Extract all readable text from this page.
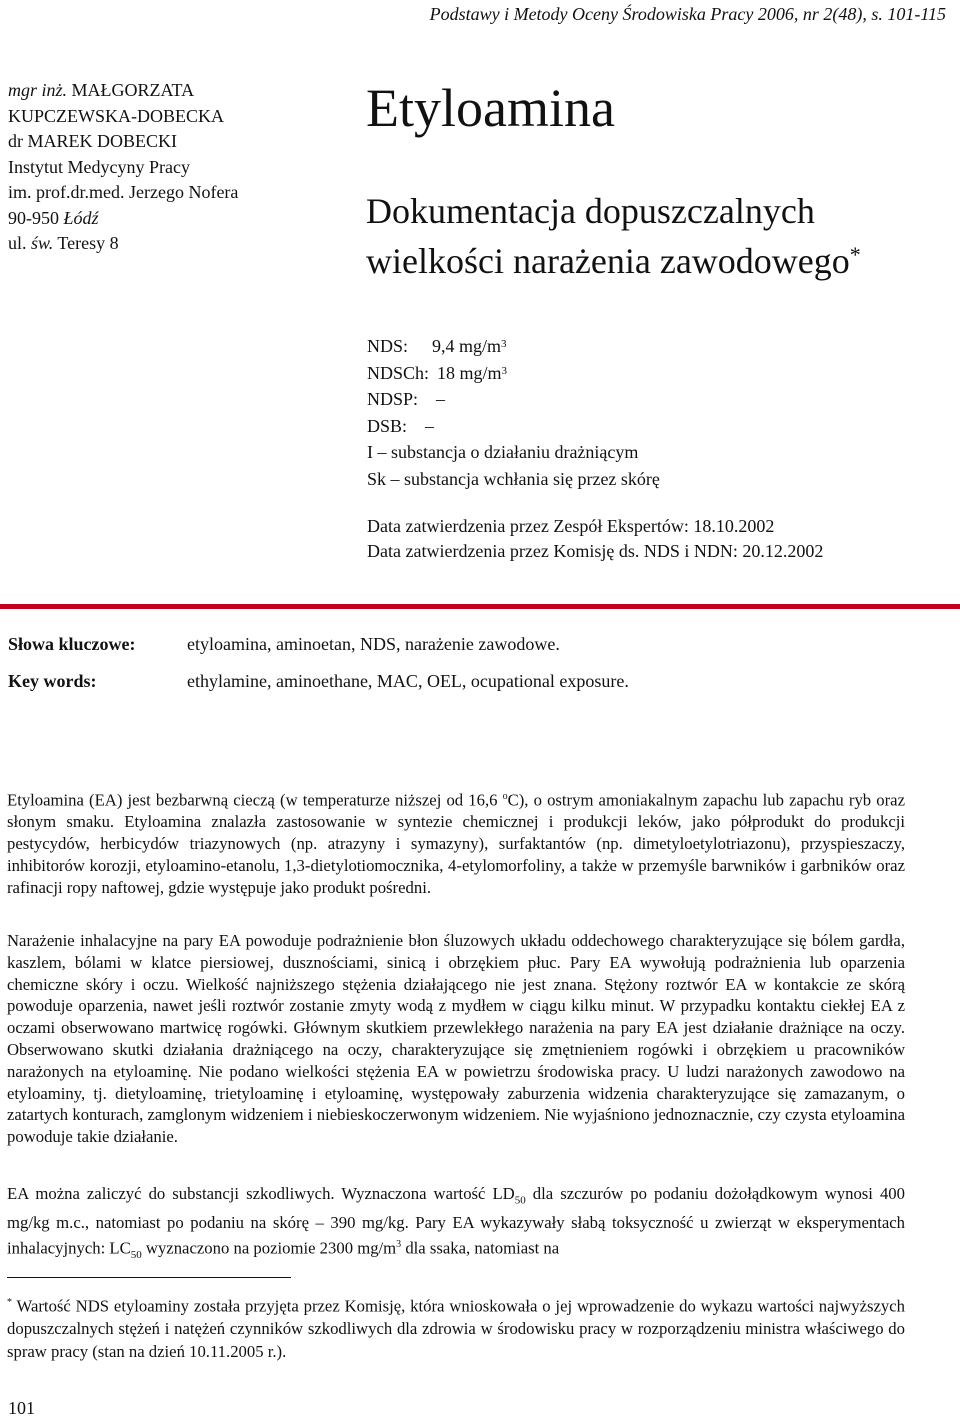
Podstawy i Metody Oceny Środowiska Pracy 2006, nr 2(48), s. 101-115
mgr inż. MAŁGORZATA
KUPCZEWSKA-DOBECKA
dr MAREK DOBECKI
Instytut Medycyny Pracy
im. prof.dr.med. Jerzego Nofera
90-950 Łódź
ul. św. Teresy 8
Etyloamina
Dokumentacja dopuszczalnych
wielkości narażenia zawodowego*
NDS: 9,4 $mg/m^3$
NDSCh: 18 $mg/m^3$
NDSP: –
DSB: –
I – substancja o działaniu drażniącym
Sk – substancja wchłania się przez skórę
Data zatwierdzenia przez Zespół Ekspertów: 18.10.2002
Data zatwierdzenia przez Komisję ds. NDS i NDN: 20.12.2002
Słowa kluczowe:	etyloamina, aminoetan, NDS, narażenie zawodowe.
Key words:	ethylamine, aminoethane, MAC, OEL, ocupational exposure.
Etyloamina (EA) jest bezbarwną cieczą (w temperaturze niższej od 16,6 $^o$C), o ostrym amoniakalnym zapachu lub zapachu ryb oraz słonym smaku. Etyloamina znalazła zastosowanie w syntezie chemicznej i produkcji leków, jako półprodukt do produkcji pestycydów, herbicydów triazynowych (np. atrazyny i symazyny), surfaktantów (np. dimetyloetylotriazonu), przyspieszaczy, inhibitorów korozji, etyloamino-etanolu, 1,3-dietylotiomocznika, 4-etylomorfoliny, a także w przemyśle barwników i garbników oraz rafinacji ropy naftowej, gdzie występuje jako produkt pośredni.
Narażenie inhalacyjne na pary EA powoduje podrażnienie błon śluzowych układu oddechowego charakteryzujące się bólem gardła, kaszlem, bólami w klatce piersiowej, dusznościami, sinicą i obrzękiem płuc. Pary EA wywołują podrażnienia lub oparzenia chemiczne skóry i oczu. Wielkość najniższego stężenia działającego nie jest znana. Stężony roztwór EA w kontakcie ze skórą powoduje oparzenia, nawet jeśli roztwór zostanie zmyty wodą z mydłem w ciągu kilku minut. W przypadku kontaktu ciekłej EA z oczami obserwowano martwicę rogówki. Głównym skutkiem przewlekłego narażenia na pary EA jest działanie drażniące na oczy. Obserwowano skutki działania drażniącego na oczy, charakteryzujące się zmętnieniem rogówki i obrzękiem u pracowników narażonych na etyloaminę. Nie podano wielkości stężenia EA w powietrzu środowiska pracy. U ludzi narażonych zawodowo na etyloaminy, tj. dietyloaminę, trietyloaminę i etyloaminę, występowały zaburzenia widzenia charakteryzujące się zamazanym, o zatartych konturach, zamglonym widzeniem i niebieskoczerwonym widzeniem. Nie wyjaśniono jednoznacznie, czy czysta etyloamina powoduje takie działanie.
EA można zaliczyć do substancji szkodliwych. Wyznaczona wartość $LD_{50}$ dla szczurów po podaniu dożołądkowym wynosi 400 mg/kg m.c., natomiast po podaniu na skórę – 390 mg/kg. Pary EA wykazywały słabą toksyczność u zwierząt w eksperymentach inhalacyjnych: $LC_{50}$ wyznaczono na poziomie 2300 $mg/m^3$ dla ssaka, natomiast na
* Wartość NDS etyloaminy została przyjęta przez Komisję, która wnioskowała o jej wprowadzenie do wykazu wartości najwyższych dopuszczalnych stężeń i natężeń czynników szkodliwych dla zdrowia w środowisku pracy w rozporządzeniu ministra właściwego do spraw pracy (stan na dzień 10.11.2005 r.).
101
